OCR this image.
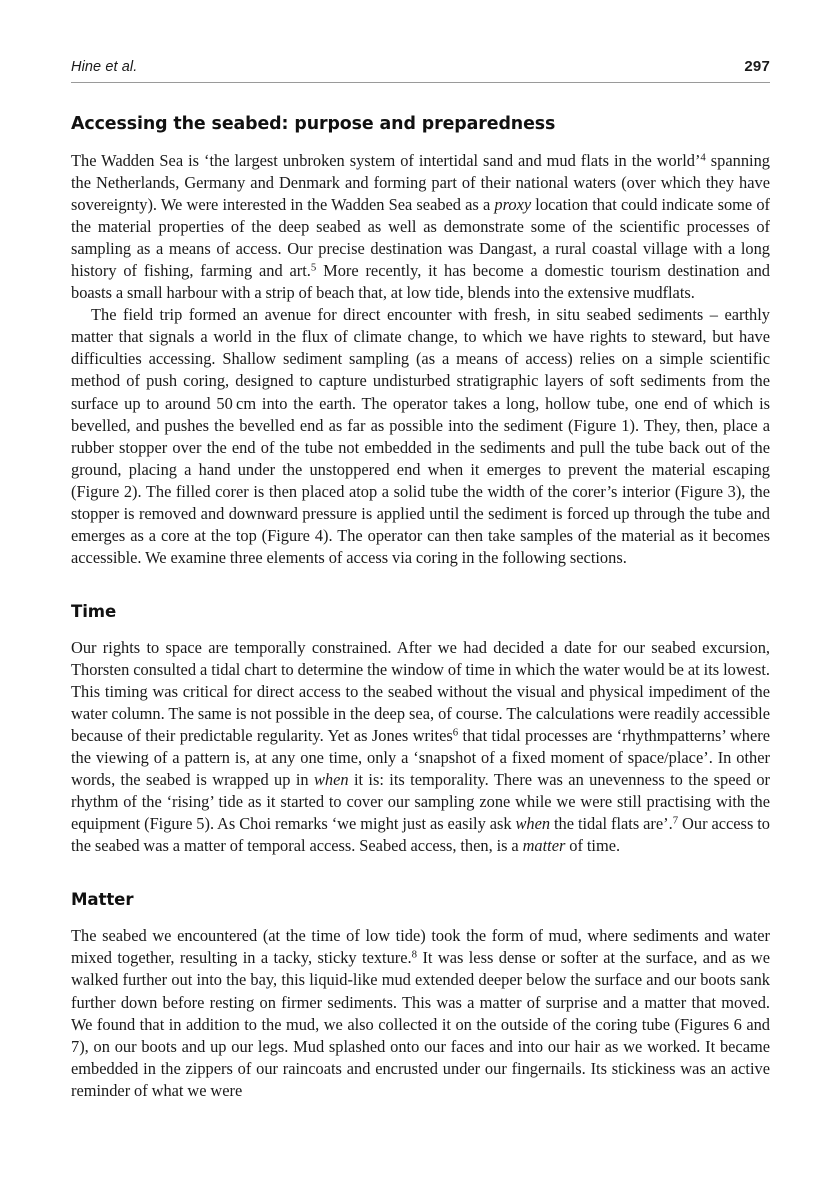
Hine et al.	297
Accessing the seabed: purpose and preparedness

The Wadden Sea is ‘the largest unbroken system of intertidal sand and mud flats in the world’$^4$ spanning the Netherlands, Germany and Denmark and forming part of their national waters (over which they have sovereignty). We were interested in the Wadden Sea seabed as a proxy location that could indicate some of the material properties of the deep seabed as well as demonstrate some of the scientific processes of sampling as a means of access. Our precise destination was Dangast, a rural coastal village with a long history of fishing, farming and art.$^5$ More recently, it has become a domestic tourism destination and boasts a small harbour with a strip of beach that, at low tide, blends into the extensive mudflats.

The field trip formed an avenue for direct encounter with fresh, in situ seabed sediments – earthly matter that signals a world in the flux of climate change, to which we have rights to steward, but have difficulties accessing. Shallow sediment sampling (as a means of access) relies on a simple scientific method of push coring, designed to capture undisturbed stratigraphic layers of soft sediments from the surface up to around 50 cm into the earth. The operator takes a long, hollow tube, one end of which is bevelled, and pushes the bevelled end as far as possible into the sediment (Figure 1). They, then, place a rubber stopper over the end of the tube not embedded in the sediments and pull the tube back out of the ground, placing a hand under the unstoppered end when it emerges to prevent the material escaping (Figure 2). The filled corer is then placed atop a solid tube the width of the corer’s interior (Figure 3), the stopper is removed and downward pressure is applied until the sediment is forced up through the tube and emerges as a core at the top (Figure 4). The operator can then take samples of the material as it becomes accessible. We examine three elements of access via coring in the following sections.

Time

Our rights to space are temporally constrained. After we had decided a date for our seabed excursion, Thorsten consulted a tidal chart to determine the window of time in which the water would be at its lowest. This timing was critical for direct access to the seabed without the visual and physical impediment of the water column. The same is not possible in the deep sea, of course. The calculations were readily accessible because of their predictable regularity. Yet as Jones writes$^6$ that tidal processes are ‘rhythmpatterns’ where the viewing of a pattern is, at any one time, only a ‘snapshot of a fixed moment of space/place’. In other words, the seabed is wrapped up in when it is: its temporality. There was an unevenness to the speed or rhythm of the ‘rising’ tide as it started to cover our sampling zone while we were still practising with the equipment (Figure 5). As Choi remarks ‘we might just as easily ask when the tidal flats are’.$^7$ Our access to the seabed was a matter of temporal access. Seabed access, then, is a matter of time.

Matter

The seabed we encountered (at the time of low tide) took the form of mud, where sediments and water mixed together, resulting in a tacky, sticky texture.$^8$ It was less dense or softer at the surface, and as we walked further out into the bay, this liquid-like mud extended deeper below the surface and our boots sank further down before resting on firmer sediments. This was a matter of surprise and a matter that moved. We found that in addition to the mud, we also collected it on the outside of the coring tube (Figures 6 and 7), on our boots and up our legs. Mud splashed onto our faces and into our hair as we worked. It became embedded in the zippers of our raincoats and encrusted under our fingernails. Its stickiness was an active reminder of what we were
